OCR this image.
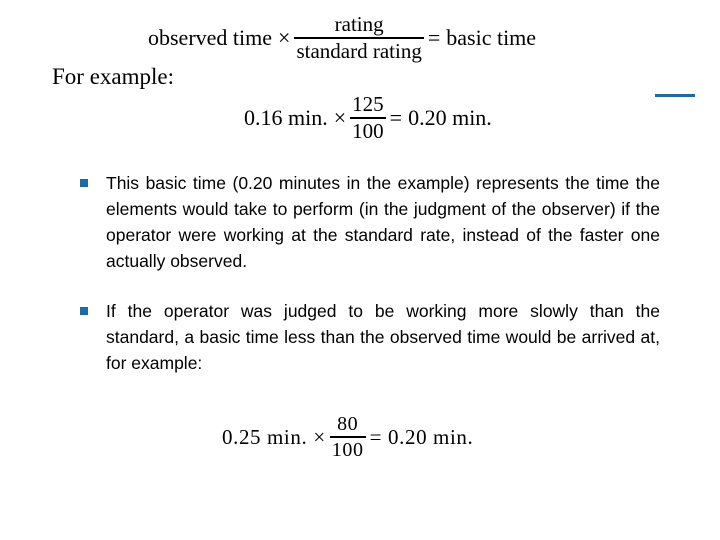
observed time × $\frac{\text{rating}}{\text{standard rating}}$ = basic time
For example:
0.16 min. × $\frac{125}{100} = 0.20$ min.
This basic time (0.20 minutes in the example) represents the time the elements would take to perform (in the judgment of the observer) if the operator were working at the standard rate, instead of the faster one actually observed.
If the operator was judged to be working more slowly than the standard, a basic time less than the observed time would be arrived at, for example:
0.25 min. × $\frac{80}{100} = 0.20$ min.
